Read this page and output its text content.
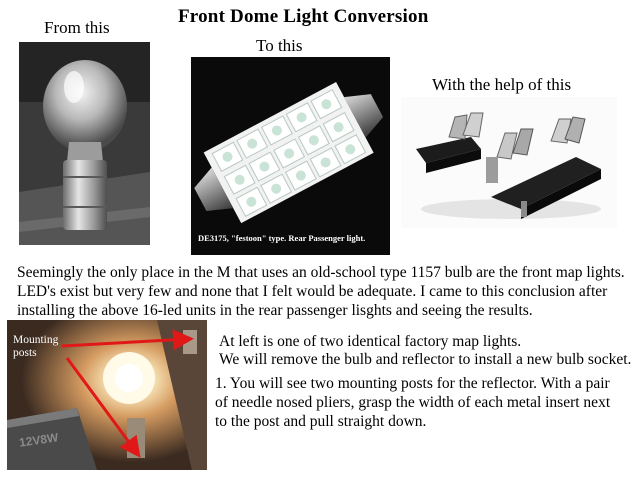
Front Dome Light Conversion
From this
To this
With the help of this
DE3175, "festoon" type. Rear Passenger light.
Seemingly the only place in the M that uses an old-school type 1157 bulb are the front map lights. LED's exist but very few and none that I felt would be adequate. I came to this conclusion after installing the above 16-led units in the rear passenger lisghts and seeing the results.
Mounting posts
12V8W
At left is one of two identical factory map lights.
We will remove the bulb and reflector to install a new bulb socket.
1. You will see two mounting posts for the reflector. With a pair of needle nosed pliers, grasp the width of each metal insert next to the post and pull straight down.
